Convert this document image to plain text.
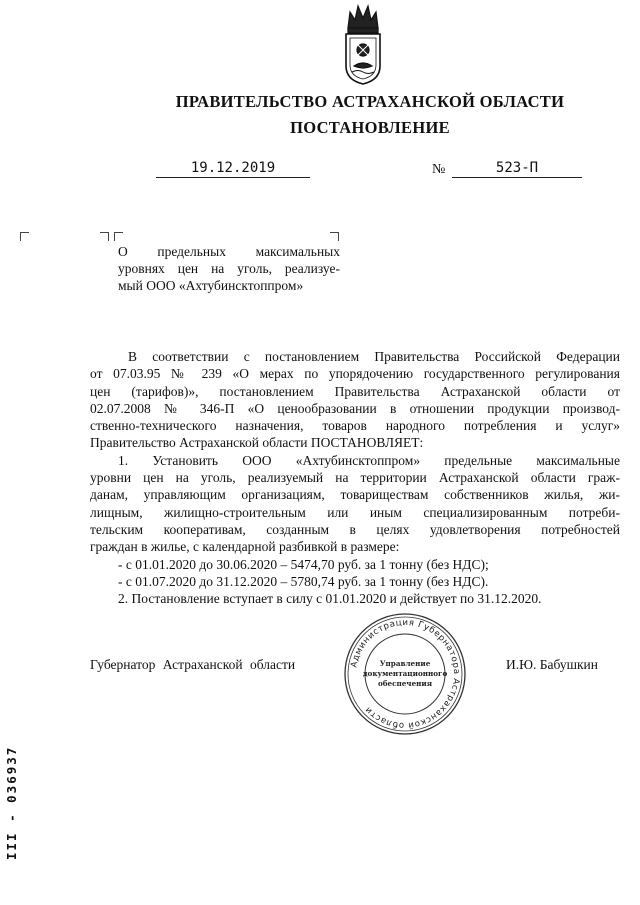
ПРАВИТЕЛЬСТВО АСТРАХАНСКОЙ ОБЛАСТИ
ПОСТАНОВЛЕНИЕ
19.12.2019	№	523-П

О предельных максимальных

уровнях цен на уголь, реализуе-

мый ООО «Ахтубинсктоппром»

В соответствии с постановлением Правительства Российской Федерации

от 07.03.95 № 239 «О мерах по упорядочению государственного регулирования

цен (тарифов)», постановлением Правительства Астраханской области от

02.07.2008 № 346-П «О ценообразовании в отношении продукции производ-

ственно-технического назначения, товаров народного потребления и услуг»

Правительство Астраханской области ПОСТАНОВЛЯЕТ:

1. Установить ООО «Ахтубинсктоппром» предельные максимальные

уровни цен на уголь, реализуемый на территории Астраханской области граж-

данам, управляющим организациям, товариществам собственников жилья, жи-

лищным, жилищно-строительным или иным специализированным потреби-

тельским кооперативам, созданным в целях удовлетворения потребностей

граждан в жилье, с календарной разбивкой в размере:

- с 01.01.2020 до 30.06.2020 – 5474,70 руб. за 1 тонну (без НДС);

- с 01.07.2020 до 31.12.2020 – 5780,74 руб. за 1 тонну (без НДС).

2. Постановление вступает в силу с 01.01.2020 и действует по 31.12.2020.

Губернатор Астраханской области	И.Ю. Бабушкин
Администрация Губернатора Астраханской области
Управление
документационного
обеспечения
III - 036937
